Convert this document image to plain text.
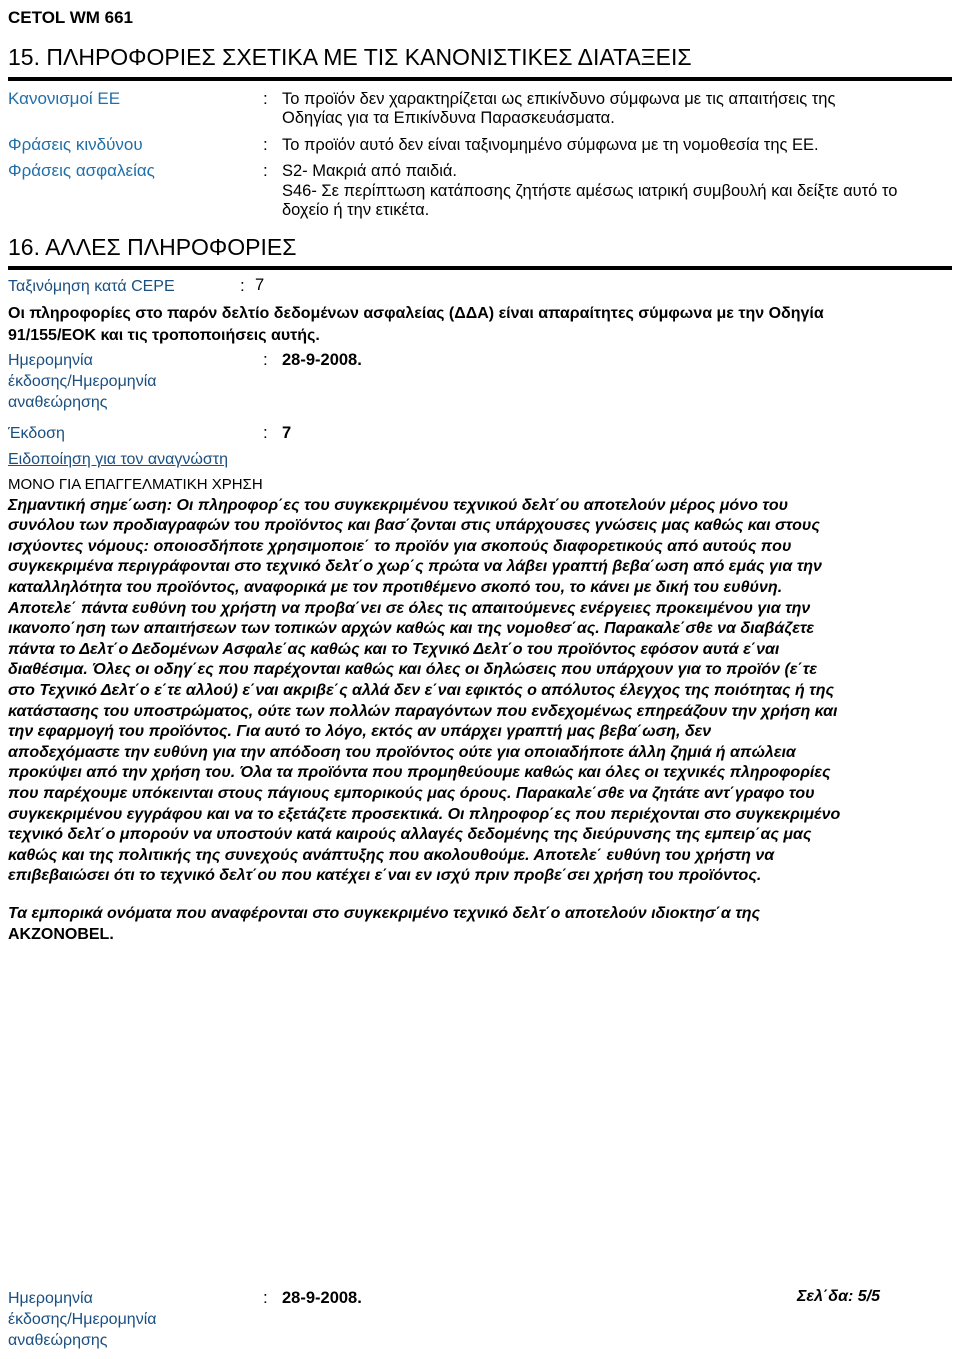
CETOL WM 661
15. ΠΛΗΡΟΦΟΡΙΕΣ ΣΧΕΤΙΚΑ ΜΕ ΤΙΣ ΚΑΝΟΝΙΣΤΙΚΕΣ ΔΙΑΤΑΞΕΙΣ
Κανονισμοί ΕΕ	: Το προϊόν δεν χαρακτηρίζεται ως επικίνδυνο σύμφωνα με τις απαιτήσεις της
Οδηγίας για τα Επικίνδυνα Παρασκευάσματα.
Φράσεις κινδύνου	: Το προϊόν αυτό δεν είναι ταξινομημένο σύμφωνα με τη νομοθεσία της ΕΕ.
Φράσεις ασφαλείας	: S2- Μακριά από παιδιά.
S46- Σε περίπτωση κατάποσης ζητήστε αμέσως ιατρική συμβουλή και δείξτε αυτό το
δοχείο ή την ετικέτα.
16. ΑΛΛΕΣ ΠΛΗΡΟΦΟΡΙΕΣ
Ταξινόμηση κατά CEPE	: 7
Οι πληροφορίες στο παρόν δελτίο δεδομένων ασφαλείας (ΔΔΑ) είναι απαραίτητες σύμφωνα με την Οδηγία
91/155/ΕΟΚ και τις τροποποιήσεις αυτής.
Ημερομηνία
έκδοσης/Ημερομηνία
αναθεώρησης
: 28-9-2008.
Έκδοση	: 7
Ειδοποίηση για τον αναγνώστη

ΜΟΝΟ ΓΙΑ ΕΠΑΓΓΕΛΜΑΤΙΚΗ ΧΡΗΣΗ

Σημαντική σημε΄ωση: Οι πληροφορ΄ες του συγκεκριμένου τεχνικού δελτ΄ου αποτελούν μέρος μόνο του

συνόλου των προδιαγραφών του προϊόντος και βασ΄ζονται στις υπάρχουσες γνώσεις μας καθώς και στους

ισχύοντες νόμους: οποιοσδήποτε χρησιμοποιε΄ το προϊόν για σκοπούς διαφορετικούς από αυτούς που

συγκεκριμένα περιγράφονται στο τεχνικό δελτ΄ο χωρ΄ς πρώτα να λάβει γραπτή βεβα΄ωση από εμάς για την

καταλληλότητα του προϊόντος, αναφορικά με τον προτιθέμενο σκοπό του, το κάνει με δική του ευθύνη.

Αποτελε΄ πάντα ευθύνη του χρήστη να προβα΄νει σε όλες τις απαιτούμενες ενέργειες προκειμένου για την

ικανοπο΄ηση των απαιτήσεων των τοπικών αρχών καθώς και της νομοθεσ΄ας. Παρακαλε΄σθε να διαβάζετε

πάντα το Δελτ΄ο Δεδομένων Ασφαλε΄ας καθώς και το Τεχνικό Δελτ΄ο του προϊόντος εφόσον αυτά ε΄ναι

διαθέσιμα. Όλες οι οδηγ΄ες που παρέχονται καθώς και όλες οι δηλώσεις που υπάρχουν για το προϊόν (ε΄τε

στο Τεχνικό Δελτ΄ο ε΄τε αλλού) ε΄ναι ακριβε΄ς αλλά δεν ε΄ναι εφικτός ο απόλυτος έλεγχος της ποιότητας ή της

κατάστασης του υποστρώματος, ούτε των πολλών παραγόντων που ενδεχομένως επηρεάζουν την χρήση και

την εφαρμογή του προϊόντος. Για αυτό το λόγο, εκτός αν υπάρχει γραπτή μας βεβα΄ωση, δεν

αποδεχόμαστε την ευθύνη για την απόδοση του προϊόντος ούτε για οποιαδήποτε άλλη ζημιά ή απώλεια

προκύψει από την χρήση του. Όλα τα προϊόντα που προμηθεύουμε καθώς και όλες οι τεχνικές πληροφορίες

που παρέχουμε υπόκεινται στους πάγιους εμπορικούς μας όρους. Παρακαλε΄σθε να ζητάτε αντ΄γραφο του

συγκεκριμένου εγγράφου και να το εξετάζετε προσεκτικά. Οι πληροφορ΄ες που περιέχονται στο συγκεκριμένο

τεχνικό δελτ΄ο μπορούν να υποστούν κατά καιρούς αλλαγές δεδομένης της διεύρυνσης της εμπειρ΄ας μας

καθώς και της πολιτικής της συνεχούς ανάπτυξης που ακολουθούμε. Αποτελε΄ ευθύνη του χρήστη να

επιβεβαιώσει ότι το τεχνικό δελτ΄ου που κατέχει ε΄ναι εν ισχύ πριν προβε΄σει χρήση του προϊόντος.

Τα εμπορικά ονόματα που αναφέρονται στο συγκεκριμένο τεχνικό δελτ΄ο αποτελούν ιδιοκτησ΄α της

AKZONOBEL.

Ημερομηνία
έκδοσης/Ημερομηνία
αναθεώρησης
: 28-9-2008.	Σελ΄δα: 5/5
